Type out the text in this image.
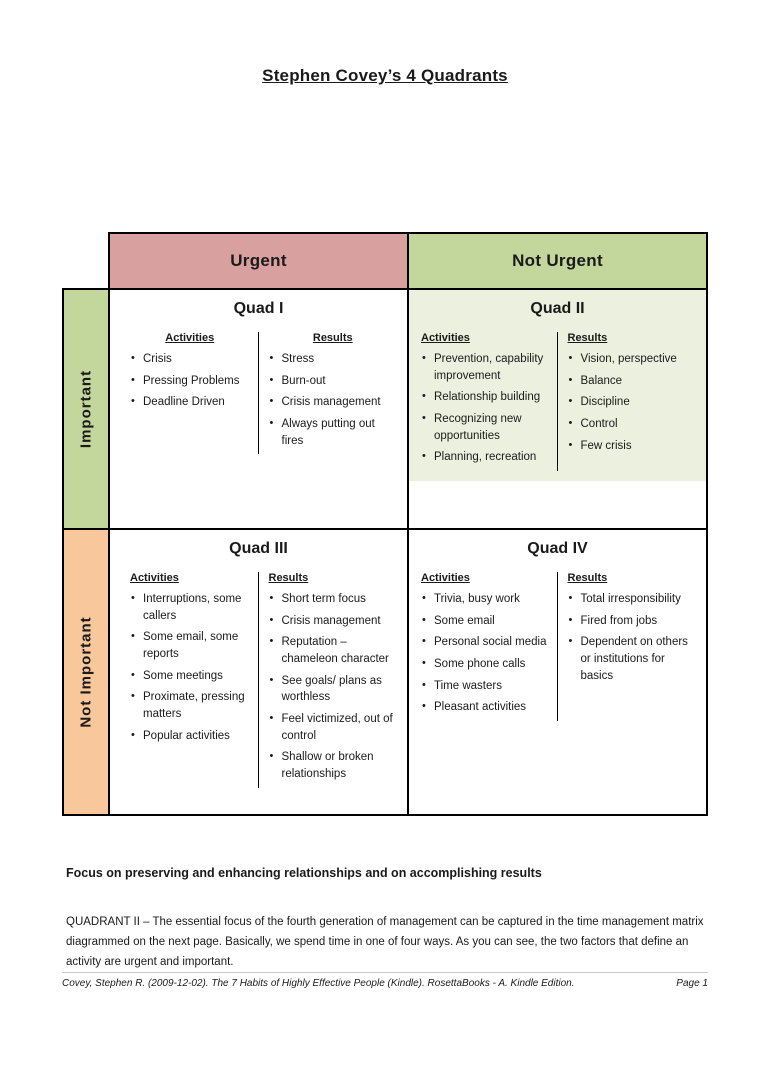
Stephen Covey’s 4 Quadrants
	Urgent	Not Urgent

Important

Quad I
Activities
• Crisis
• Pressing Problems
• Deadline Driven
Results
• Stress
• Burn-out
• Crisis management
• Always putting out fires

Quad II
Activities
• Prevention, capability improvement
• Relationship building
• Recognizing new opportunities
• Planning, recreation
Results
• Vision, perspective
• Balance
• Discipline
• Control
• Few crisis

Not Important

Quad III
Activities
• Interruptions, some callers
• Some email, some reports
• Some meetings
• Proximate, pressing matters
• Popular activities
Results
• Short term focus
• Crisis management
• Reputation – chameleon character
• See goals/ plans as worthless
• Feel victimized, out of control
• Shallow or broken relationships

Quad IV
Activities
• Trivia, busy work
• Some email
• Personal social media
• Some phone calls
• Time wasters
• Pleasant activities
Results
• Total irresponsibility
• Fired from jobs
• Dependent on others or institutions for basics
Focus on preserving and enhancing relationships and on accomplishing results
QUADRANT II – The essential focus of the fourth generation of management can be captured in the time management matrix diagrammed on the next page. Basically, we spend time in one of four ways. As you can see, the two factors that define an activity are urgent and important.
Covey, Stephen R. (2009-12-02). The 7 Habits of Highly Effective People (Kindle). RosettaBooks - A. Kindle Edition.	Page 1
